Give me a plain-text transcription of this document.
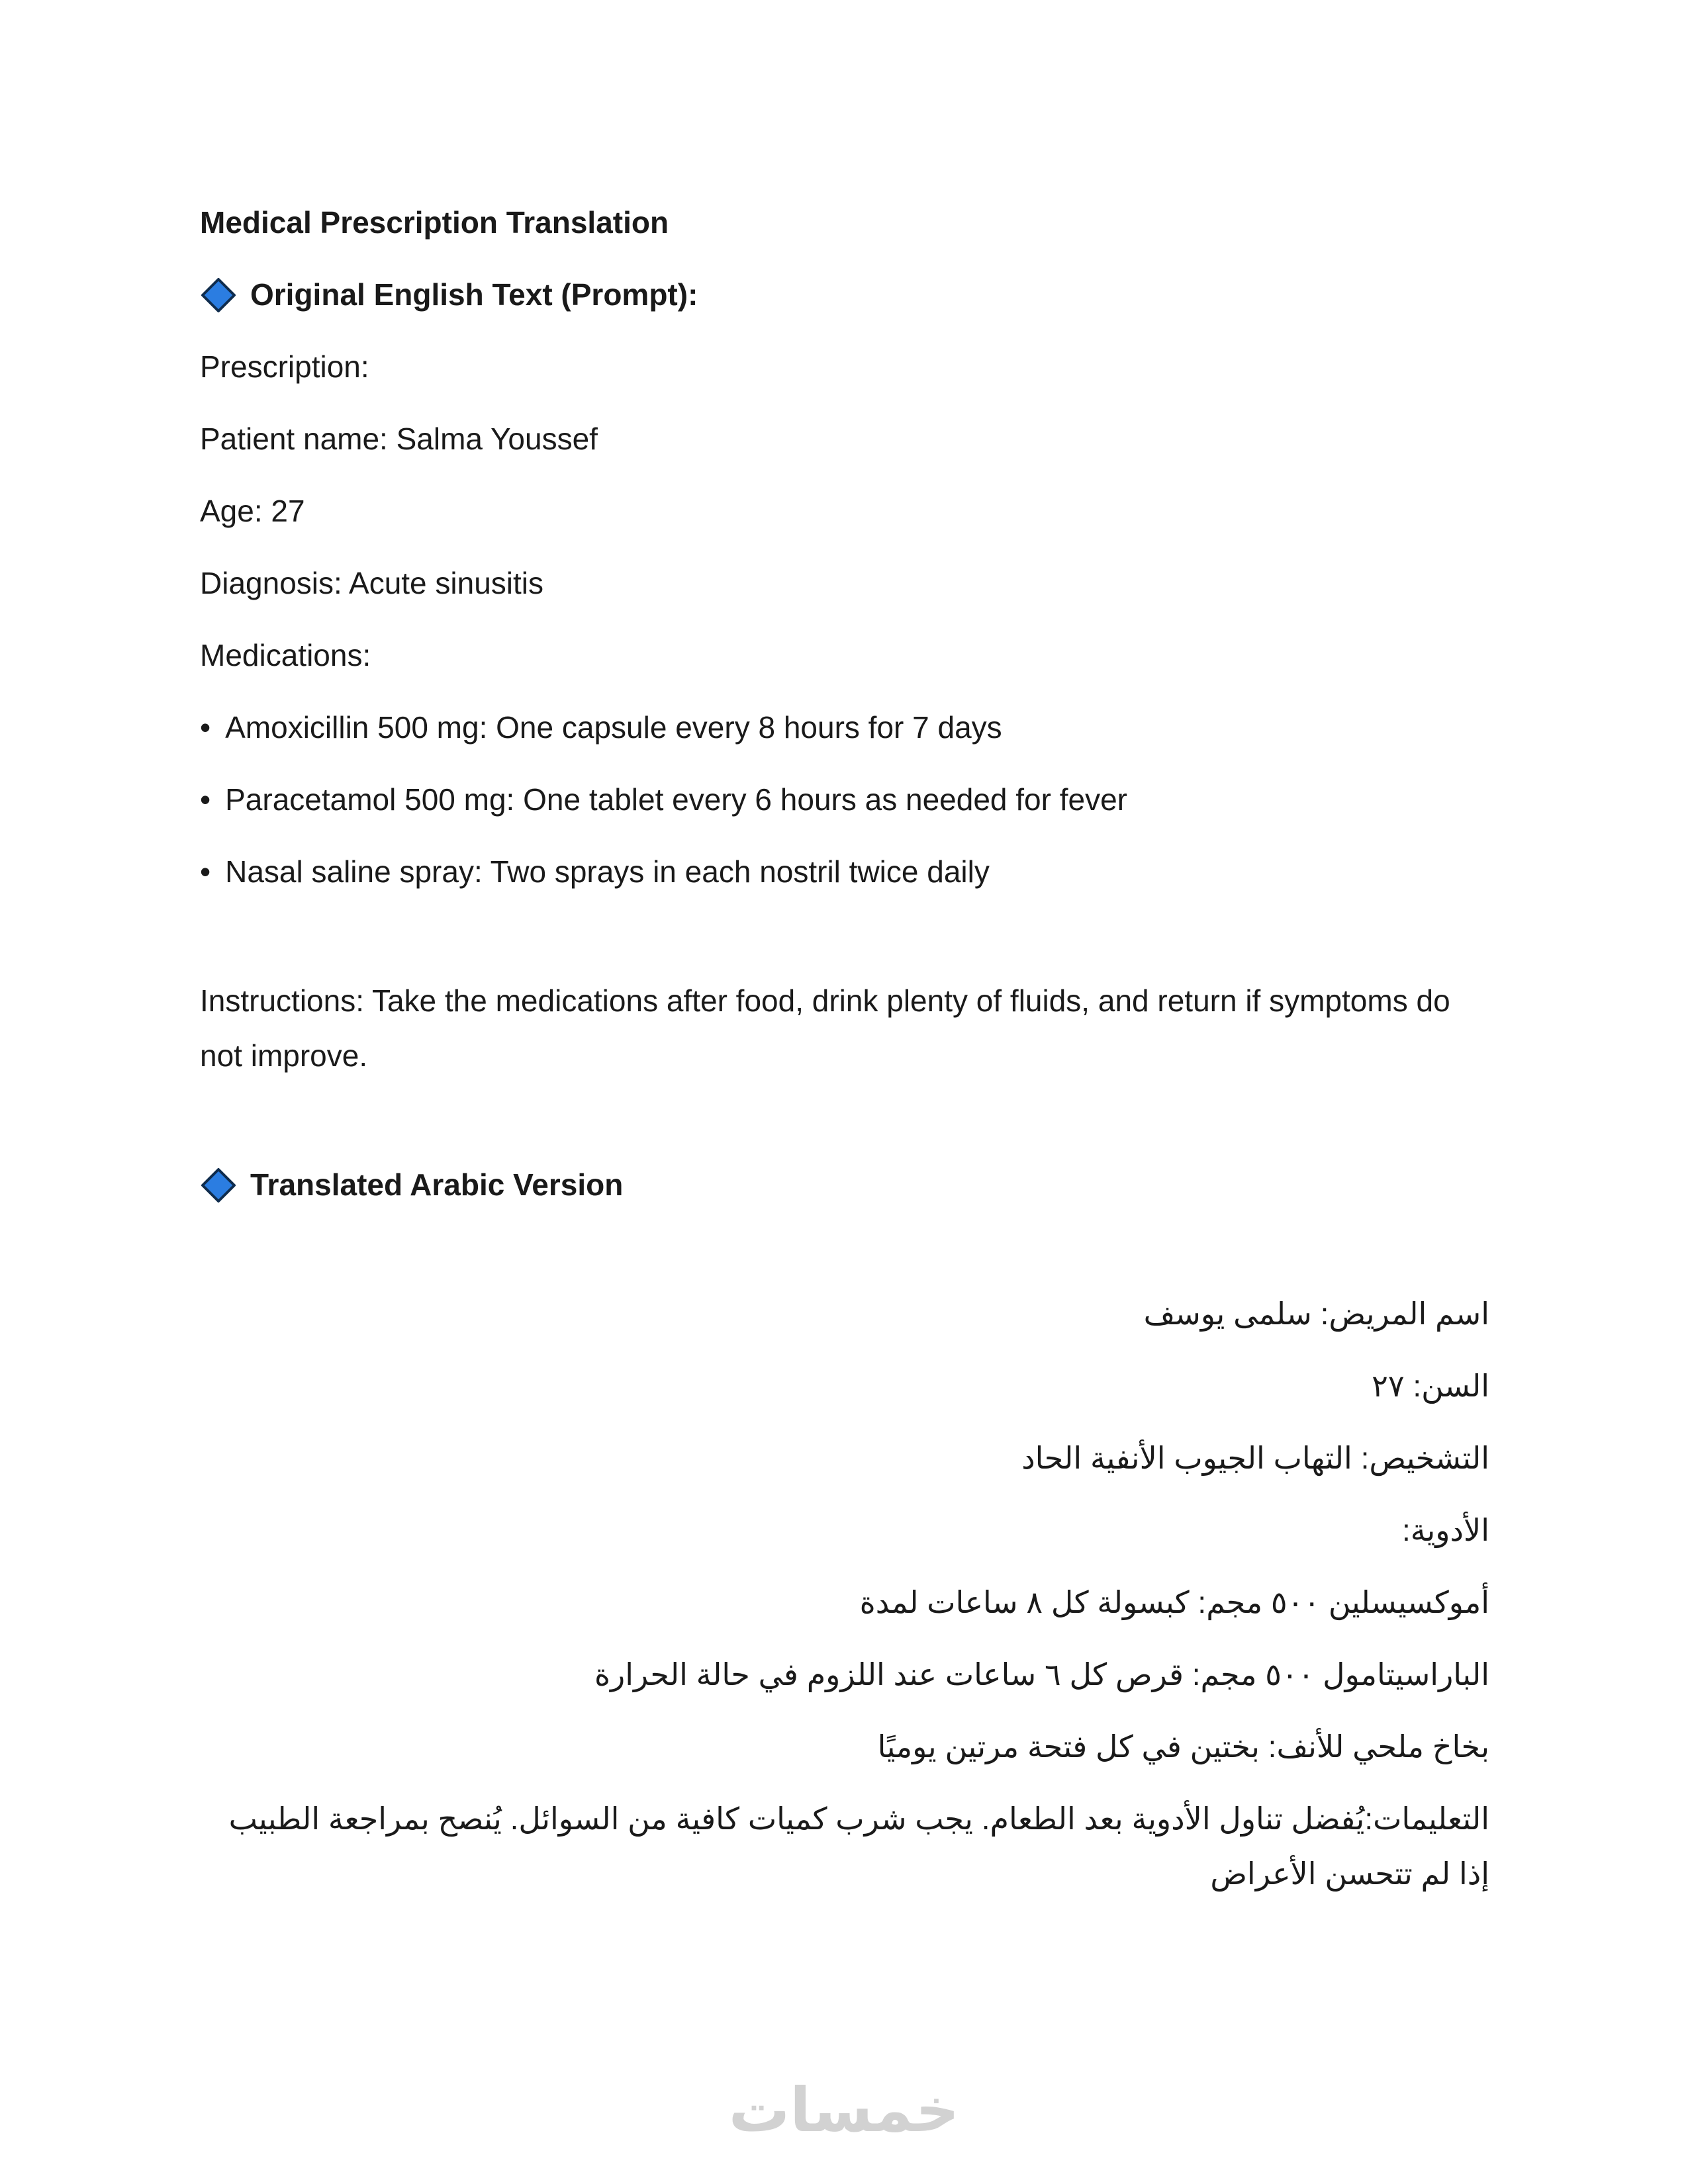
Medical Prescription Translation

Original English Text (Prompt):

Prescription:

Patient name: Salma Youssef

Age: 27

Diagnosis: Acute sinusitis

Medications:

• Amoxicillin 500 mg: One capsule every 8 hours for 7 days

• Paracetamol 500 mg: One tablet every 6 hours as needed for fever

• Nasal saline spray: Two sprays in each nostril twice daily

Instructions: Take the medications after food, drink plenty of fluids, and return if symptoms do not improve.

Translated Arabic Version

اسم المريض: سلمى يوسف

السن: ٢٧

التشخيص: التهاب الجيوب الأنفية الحاد

الأدوية:

أموكسيسلين ٥٠٠ مجم: كبسولة كل ٨ ساعات لمدة

الباراسيتامول ٥٠٠ مجم: قرص كل ٦ ساعات عند اللزوم في حالة الحرارة

بخاخ ملحي للأنف: بختين في كل فتحة مرتين يوميًا

التعليمات:يُفضل تناول الأدوية بعد الطعام. يجب شرب كميات كافية من السوائل. يُنصح بمراجعة الطبيب إذا لم تتحسن الأعراض

خمسات
